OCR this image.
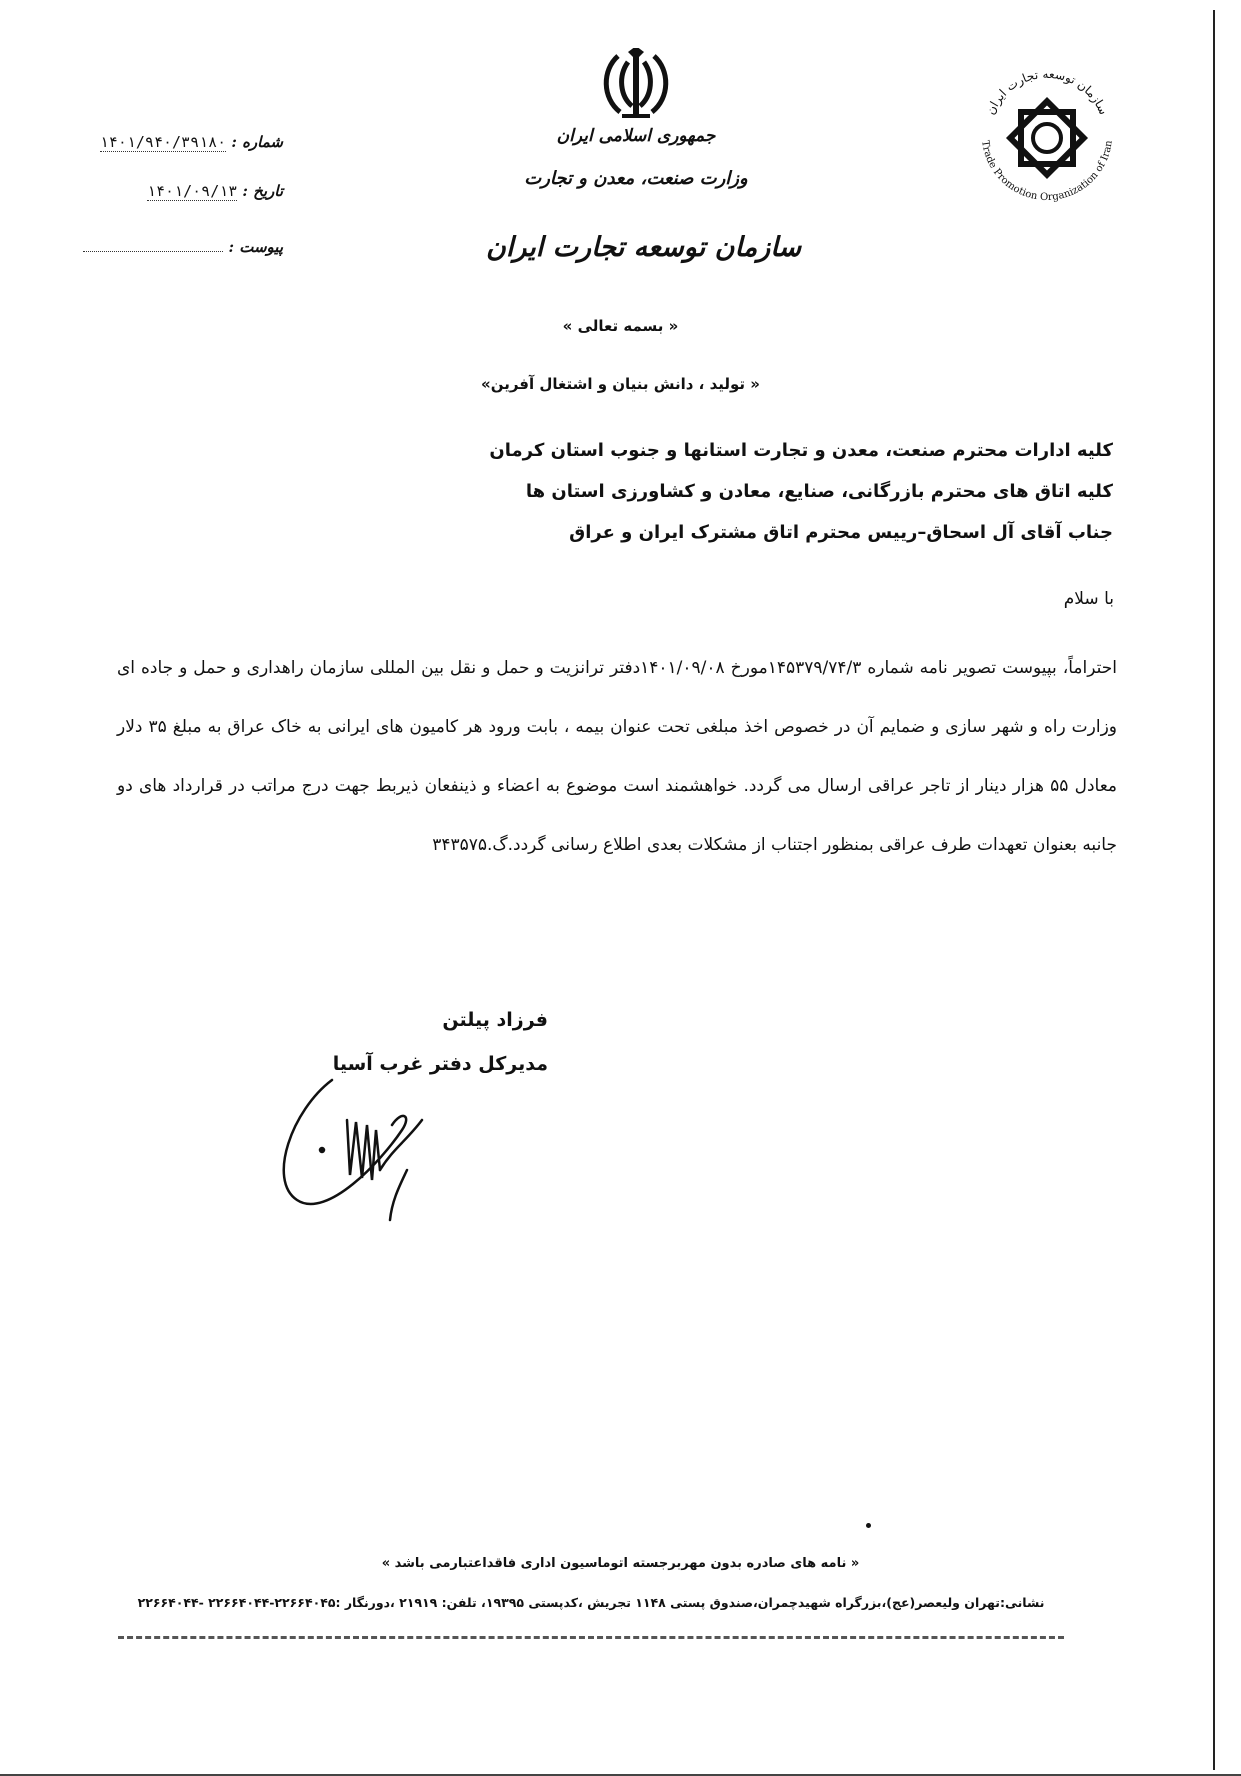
جمهوری اسلامی ایران
وزارت صنعت، معدن و تجارت
سازمان توسعه تجارت ایران
شماره : ۱۴۰۱/۹۴۰/۳۹۱۸۰
تاریخ : ۱۴۰۱/۰۹/۱۳
پیوست :
سازمان توسعه تجارت ایران
Trade Promotion Organization of Iran
« بسمه تعالی »
« تولید ، دانش بنیان و اشتغال آفرین»
کلیه ادارات محترم صنعت، معدن و تجارت استانها و جنوب استان کرمان
کلیه اتاق های محترم بازرگانی، صنایع، معادن و کشاورزی استان ها
جناب آقای آل اسحاق–رییس محترم اتاق مشترک ایران و عراق
با سلام
احتراماً، بپیوست تصویر نامه شماره ۱۴۵۳۷۹/۷۴/۳مورخ ۱۴۰۱/۰۹/۰۸دفتر ترانزیت و حمل و نقل بین المللی سازمان راهداری و حمل و جاده ای وزارت راه و شهر سازی و ضمایم آن در خصوص اخذ مبلغی تحت عنوان بیمه ، بابت ورود هر کامیون های ایرانی به خاک عراق به مبلغ ۳۵ دلار معادل ۵۵ هزار دینار از تاجر عراقی ارسال می گردد. خواهشمند است موضوع به اعضاء و ذینفعان ذیربط جهت درج مراتب در قرارداد های دو جانبه بعنوان تعهدات طرف عراقی بمنظور اجتناب از مشکلات بعدی اطلاع رسانی گردد.گ.۳۴۳۵۷۵
فرزاد پیلتن
مدیرکل دفتر غرب آسیا
« نامه های صادره بدون مهربرجسته اتوماسیون اداری فاقداعتبارمی باشد »
نشانی:تهران ولیعصر(عج)،بزرگراه شهیدچمران،صندوق پستی ۱۱۴۸ تجریش ،کدپستی ۱۹۳۹۵، تلفن: ۲۱۹۱۹ ،دورنگار :۲۲۶۶۴۰۴۵-۲۲۶۶۴۰۴۴ -۲۲۶۶۴۰۴۴
